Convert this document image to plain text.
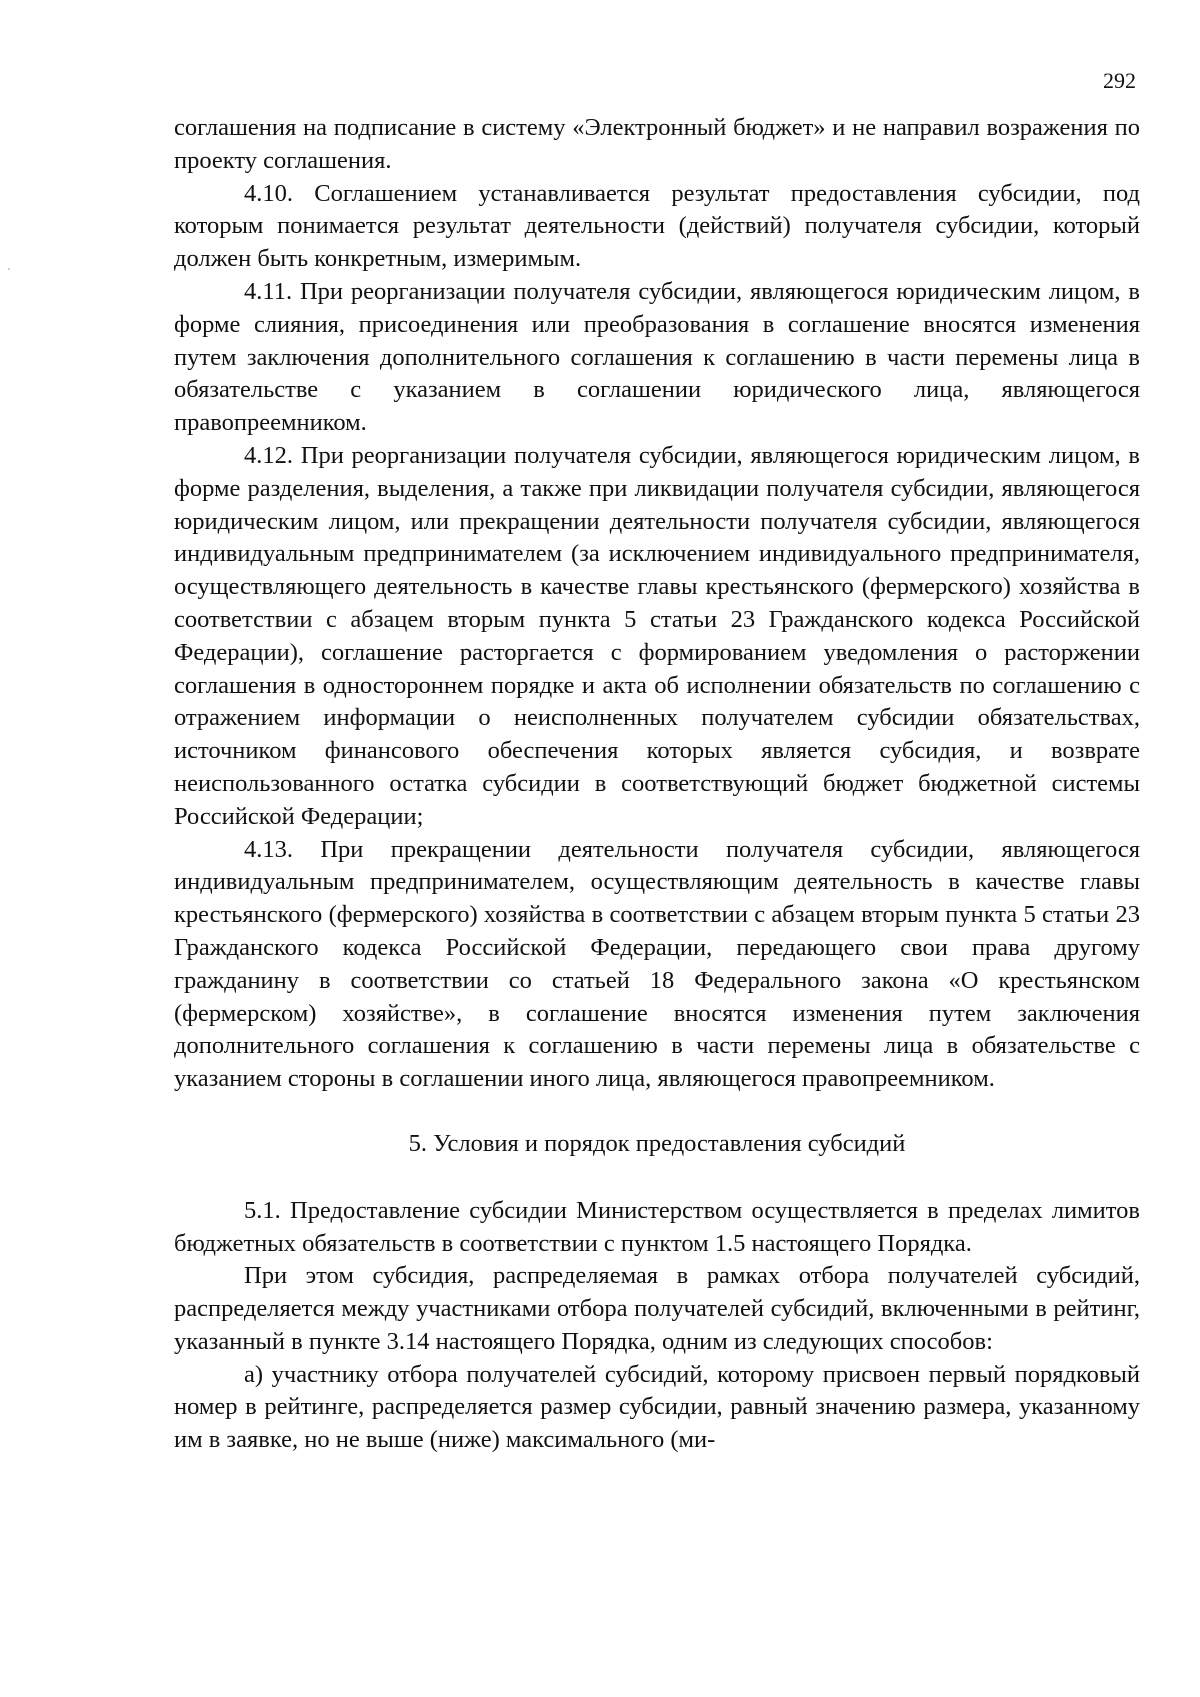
292

соглашения на подписание в систему «Электронный бюджет» и не направил возражения по проекту соглашения.

4.10. Соглашением устанавливается результат предоставления субсидии, под которым понимается результат деятельности (действий) получателя субсидии, который должен быть конкретным, измеримым.

4.11. При реорганизации получателя субсидии, являющегося юридическим лицом, в форме слияния, присоединения или преобразования в соглашение вносятся изменения путем заключения дополнительного соглашения к соглашению в части перемены лица в обязательстве с указанием в соглашении юридического лица, являющегося правопреемником.

4.12. При реорганизации получателя субсидии, являющегося юридическим лицом, в форме разделения, выделения, а также при ликвидации получателя субсидии, являющегося юридическим лицом, или прекращении деятельности получателя субсидии, являющегося индивидуальным предпринимателем (за исключением индивидуального предпринимателя, осуществляющего деятельность в качестве главы крестьянского (фермерского) хозяйства в соответствии с абзацем вторым пункта 5 статьи 23 Гражданского кодекса Российской Федерации), соглашение расторгается с формированием уведомления о расторжении соглашения в одностороннем порядке и акта об исполнении обязательств по соглашению с отражением информации о неисполненных получателем субсидии обязательствах, источником финансового обеспечения которых является субсидия, и возврате неиспользованного остатка субсидии в соответствующий бюджет бюджетной системы Российской Федерации;

4.13. При прекращении деятельности получателя субсидии, являющегося индивидуальным предпринимателем, осуществляющим деятельность в качестве главы крестьянского (фермерского) хозяйства в соответствии с абзацем вторым пункта 5 статьи 23 Гражданского кодекса Российской Федерации, передающего свои права другому гражданину в соответствии со статьей 18 Федерального закона «О крестьянском (фермерском) хозяйстве», в соглашение вносятся изменения путем заключения дополнительного соглашения к соглашению в части перемены лица в обязательстве с указанием стороны в соглашении иного лица, являющегося правопреемником.

5. Условия и порядок предоставления субсидий

5.1. Предоставление субсидии Министерством осуществляется в пределах лимитов бюджетных обязательств в соответствии с пунктом 1.5 настоящего Порядка.

При этом субсидия, распределяемая в рамках отбора получателей субсидий, распределяется между участниками отбора получателей субсидий, включенными в рейтинг, указанный в пункте 3.14 настоящего Порядка, одним из следующих способов:

а) участнику отбора получателей субсидий, которому присвоен первый порядковый номер в рейтинге, распределяется размер субсидии, равный значению размера, указанному им в заявке, но не выше (ниже) максимального (ми-
